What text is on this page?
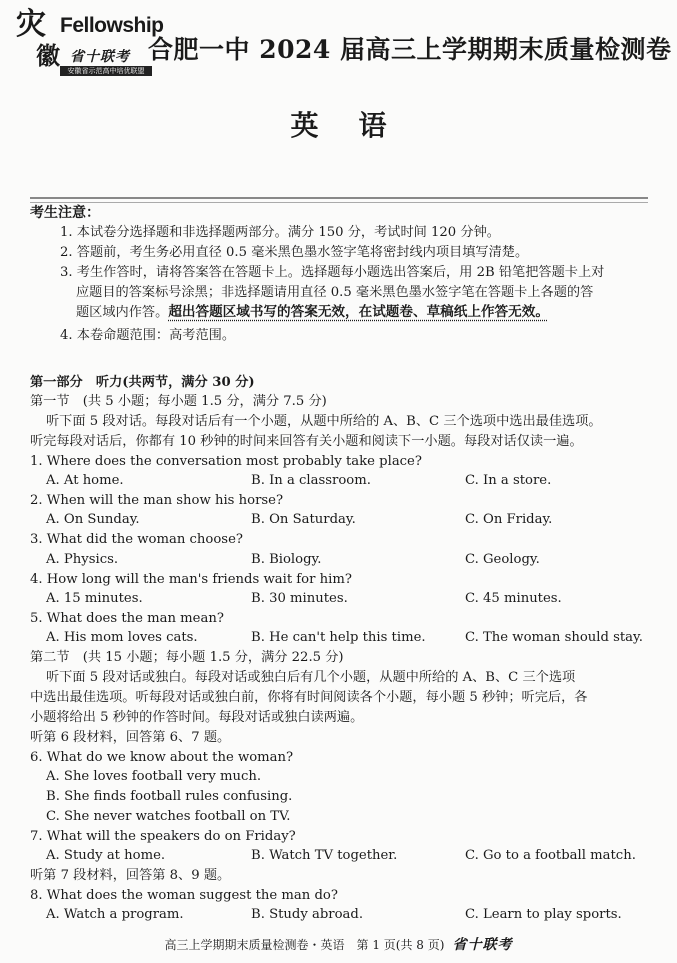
灾
徽
Fellowship
省十联考
安徽省示范高中培优联盟
合肥一中 2024 届高三上学期期末质量检测卷
英语
考生注意：
1. 本试卷分选择题和非选择题两部分。满分 150 分，考试时间 120 分钟。
2. 答题前，考生务必用直径 0.5 毫米黑色墨水签字笔将密封线内项目填写清楚。
3. 考生作答时，请将答案答在答题卡上。选择题每小题选出答案后，用 2B 铅笔把答题卡上对
应题目的答案标号涂黑；非选择题请用直径 0.5 毫米黑色墨水签字笔在答题卡上各题的答
题区域内作答。超出答题区域书写的答案无效，在试题卷、草稿纸上作答无效。
4. 本卷命题范围：高考范围。
第一部分　听力(共两节，满分 30 分)
第一节　(共 5 小题；每小题 1.5 分，满分 7.5 分)
听下面 5 段对话。每段对话后有一个小题，从题中所给的 A、B、C 三个选项中选出最佳选项。
听完每段对话后，你都有 10 秒钟的时间来回答有关小题和阅读下一小题。每段对话仅读一遍。
1. Where does the conversation most probably take place?
A. At home.	B. In a classroom.	C. In a store.
2. When will the man show his horse?
A. On Sunday.	B. On Saturday.	C. On Friday.
3. What did the woman choose?
A. Physics.	B. Biology.	C. Geology.
4. How long will the man's friends wait for him?
A. 15 minutes.	B. 30 minutes.	C. 45 minutes.
5. What does the man mean?
A. His mom loves cats.	B. He can't help this time.	C. The woman should stay.
第二节　(共 15 小题；每小题 1.5 分，满分 22.5 分)
听下面 5 段对话或独白。每段对话或独白后有几个小题，从题中所给的 A、B、C 三个选项
中选出最佳选项。听每段对话或独白前，你将有时间阅读各个小题，每小题 5 秒钟；听完后，各
小题将给出 5 秒钟的作答时间。每段对话或独白读两遍。
听第 6 段材料，回答第 6、7 题。
6. What do we know about the woman?
A. She loves football very much.
B. She finds football rules confusing.
C. She never watches football on TV.
7. What will the speakers do on Friday?
A. Study at home.	B. Watch TV together.	C. Go to a football match.
听第 7 段材料，回答第 8、9 题。
8. What does the woman suggest the man do?
A. Watch a program.	B. Study abroad.	C. Learn to play sports.
高三上学期期末质量检测卷・英语　第 1 页(共 8 页) 省十联考
